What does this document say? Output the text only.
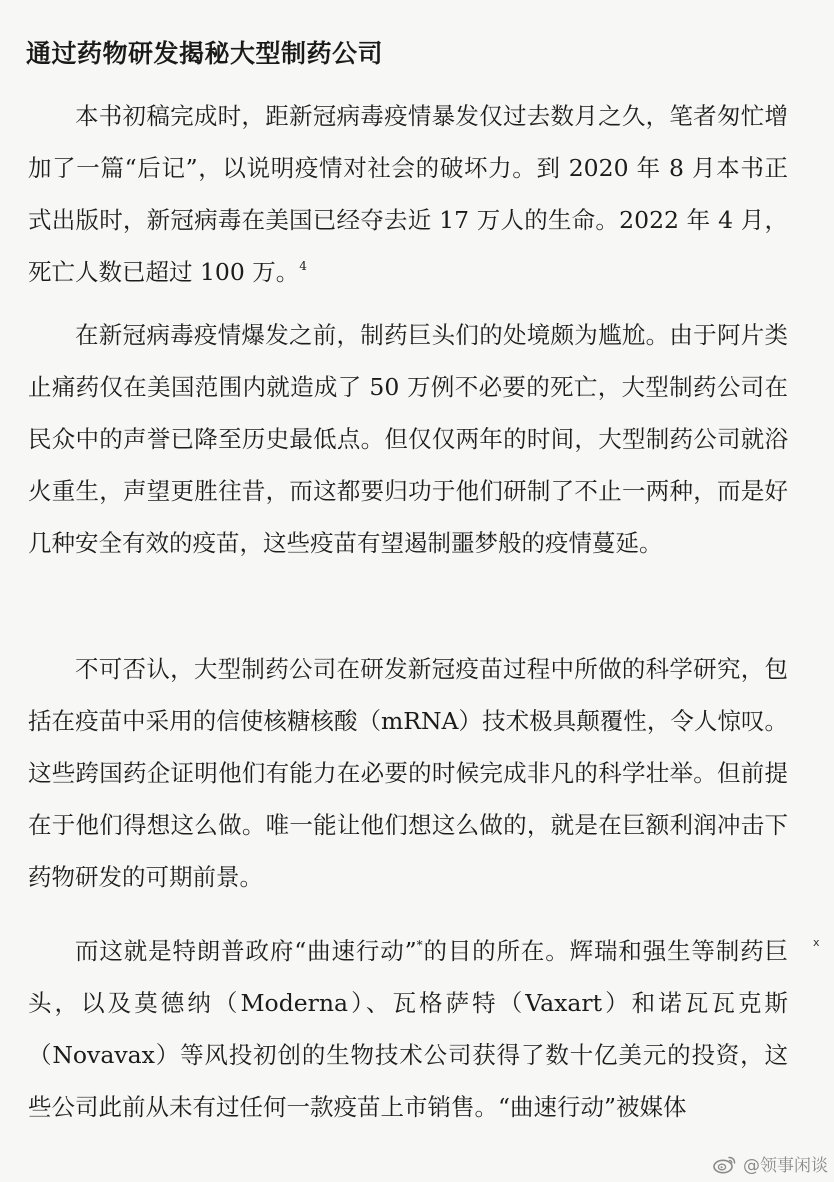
通过药物研发揭秘大型制药公司

本书初稿完成时，距新冠病毒疫情暴发仅过去数月之久，笔者匆忙增加了一篇“后记”，以说明疫情对社会的破坏力。到 2020 年 8 月本书正式出版时，新冠病毒在美国已经夺去近 17 万人的生命。2022 年 4 月，死亡人数已超过 100 万。$^4$

在新冠病毒疫情爆发之前，制药巨头们的处境颇为尴尬。由于阿片类止痛药仅在美国范围内就造成了 50 万例不必要的死亡，大型制药公司在民众中的声誉已降至历史最低点。但仅仅两年的时间，大型制药公司就浴火重生，声望更胜往昔，而这都要归功于他们研制了不止一两种，而是好几种安全有效的疫苗，这些疫苗有望遏制噩梦般的疫情蔓延。

不可否认，大型制药公司在研发新冠疫苗过程中所做的科学研究，包括在疫苗中采用的信使核糖核酸（mRNA）技术极具颠覆性，令人惊叹。这些跨国药企证明他们有能力在必要的时候完成非凡的科学壮举。但前提在于他们得想这么做。唯一能让他们想这么做的，就是在巨额利润冲击下药物研发的可期前景。

而这就是特朗普政府“曲速行动”*的目的所在。辉瑞和强生等制药巨头，以及莫德纳（Moderna）、瓦格萨特（Vaxart）和诺瓦瓦克斯（Novavax）等风投初创的生物技术公司获得了数十亿美元的投资，这些公司此前从未有过任何一款疫苗上市销售。“曲速行动”被媒体

x
@领事闲谈
